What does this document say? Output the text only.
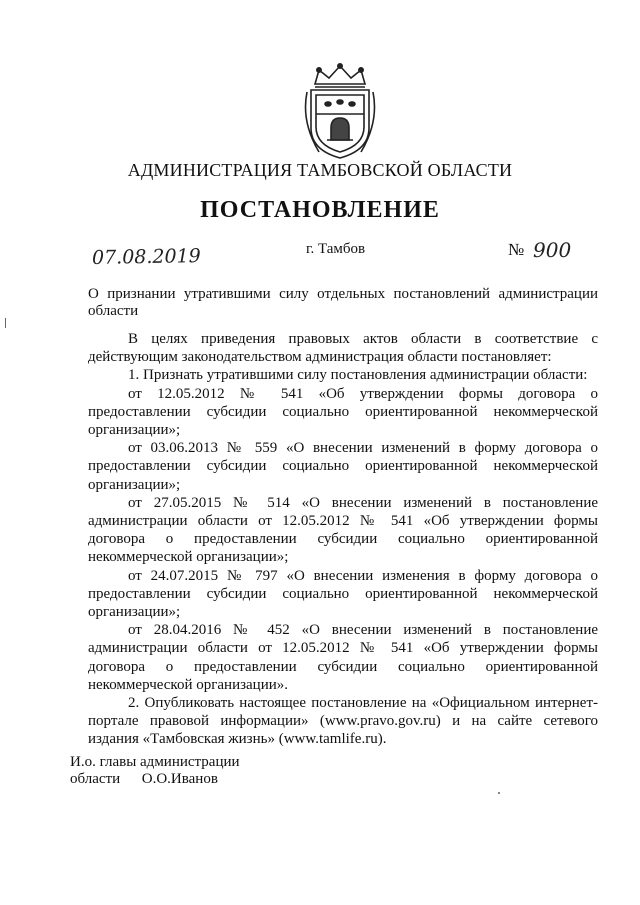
АДМИНИСТРАЦИЯ ТАМБОВСКОЙ ОБЛАСТИ
ПОСТАНОВЛЕНИЕ
07.08.2019	г. Тамбов	№ 900
О признании утратившими силу отдельных постановлений администрации области

В целях приведения правовых актов области в соответствие с действующим законодательством администрация области постановляет:

1. Признать утратившими силу постановления администрации области:

от 12.05.2012 № 541 «Об утверждении формы договора о предоставлении субсидии социально ориентированной некоммерческой организации»;

от 03.06.2013 № 559 «О внесении изменений в форму договора о предоставлении субсидии социально ориентированной некоммерческой организации»;

от 27.05.2015 № 514 «О внесении изменений в постановление администрации области от 12.05.2012 № 541 «Об утверждении формы договора о предоставлении субсидии социально ориентированной некоммерческой организации»;

от 24.07.2015 № 797 «О внесении изменения в форму договора о предоставлении субсидии социально ориентированной некоммерческой организации»;

от 28.04.2016 № 452 «О внесении изменений в постановление администрации области от 12.05.2012 № 541 «Об утверждении формы договора о предоставлении субсидии социально ориентированной некоммерческой организации».

2. Опубликовать настоящее постановление на «Официальном интернет-портале правовой информации» (www.pravo.gov.ru) и на сайте сетевого издания «Тамбовская жизнь» (www.tamlife.ru).

И.о. главы администрации
области О.О.Иванов
